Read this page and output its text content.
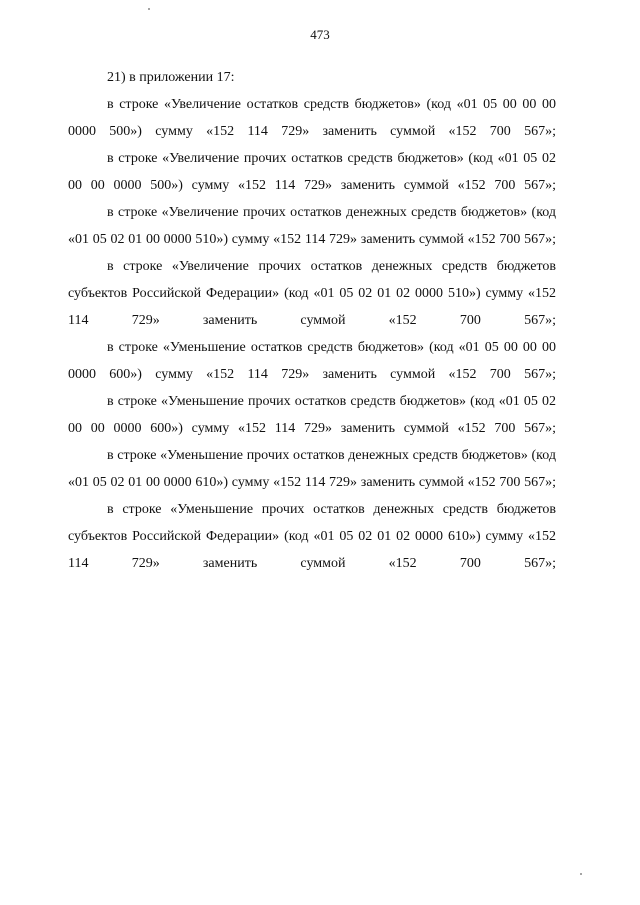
473

21) в приложении 17:

в строке «Увеличение остатков средств бюджетов» (код «01 05 00 00 00 0000 500») сумму «152 114 729» заменить суммой «152 700 567»;

в строке «Увеличение прочих остатков средств бюджетов» (код «01 05 02 00 00 0000 500») сумму «152 114 729» заменить суммой «152 700 567»;

в строке «Увеличение прочих остатков денежных средств бюджетов» (код «01 05 02 01 00 0000 510») сумму «152 114 729» заменить суммой «152 700 567»;

в строке «Увеличение прочих остатков денежных средств бюджетов субъектов Российской Федерации» (код «01 05 02 01 02 0000 510») сумму «152 114 729» заменить суммой «152 700 567»;

в строке «Уменьшение остатков средств бюджетов» (код «01 05 00 00 00 0000 600») сумму «152 114 729» заменить суммой «152 700 567»;

в строке «Уменьшение прочих остатков средств бюджетов» (код «01 05 02 00 00 0000 600») сумму «152 114 729» заменить суммой «152 700 567»;

в строке «Уменьшение прочих остатков денежных средств бюджетов» (код «01 05 02 01 00 0000 610») сумму «152 114 729» заменить суммой «152 700 567»;

в строке «Уменьшение прочих остатков денежных средств бюджетов субъектов Российской Федерации» (код «01 05 02 01 02 0000 610») сумму «152 114 729» заменить суммой «152 700 567»;
